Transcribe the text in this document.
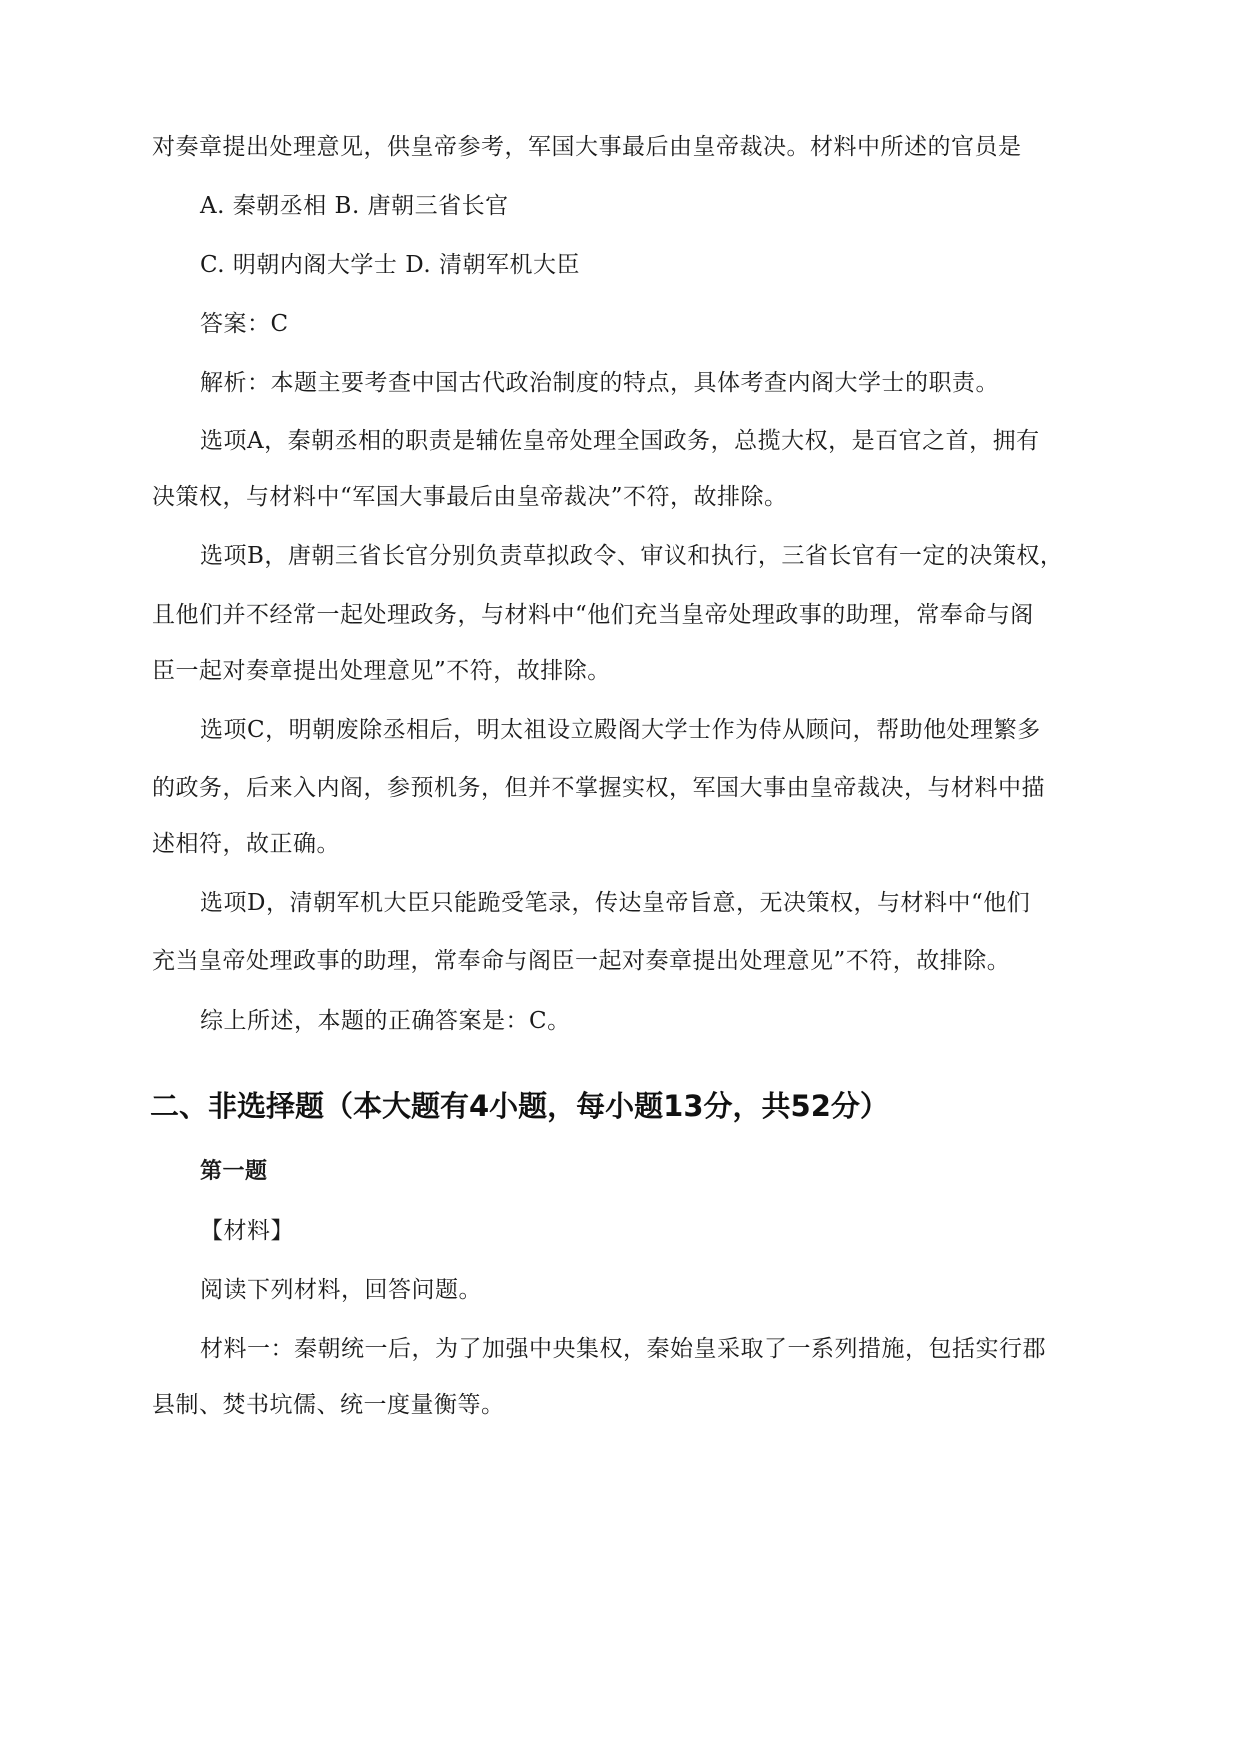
对奏章提出处理意见，供皇帝参考，军国大事最后由皇帝裁决。材料中所述的官员是
A. 秦朝丞相 B. 唐朝三省长官
C. 明朝内阁大学士 D. 清朝军机大臣
答案：C
解析：本题主要考查中国古代政治制度的特点，具体考查内阁大学士的职责。
选项A，秦朝丞相的职责是辅佐皇帝处理全国政务，总揽大权，是百官之首，拥有
决策权，与材料中“军国大事最后由皇帝裁决”不符，故排除。
选项B，唐朝三省长官分别负责草拟政令、审议和执行，三省长官有一定的决策权，
且他们并不经常一起处理政务，与材料中“他们充当皇帝处理政事的助理，常奉命与阁
臣一起对奏章提出处理意见”不符，故排除。
选项C，明朝废除丞相后，明太祖设立殿阁大学士作为侍从顾问，帮助他处理繁多
的政务，后来入内阁，参预机务，但并不掌握实权，军国大事由皇帝裁决，与材料中描
述相符，故正确。
选项D，清朝军机大臣只能跪受笔录，传达皇帝旨意，无决策权，与材料中“他们
充当皇帝处理政事的助理，常奉命与阁臣一起对奏章提出处理意见”不符，故排除。
综上所述，本题的正确答案是：C。
二、非选择题（本大题有4小题，每小题13分，共52分）
第一题
【材料】
阅读下列材料，回答问题。
材料一：秦朝统一后，为了加强中央集权，秦始皇采取了一系列措施，包括实行郡
县制、焚书坑儒、统一度量衡等。
